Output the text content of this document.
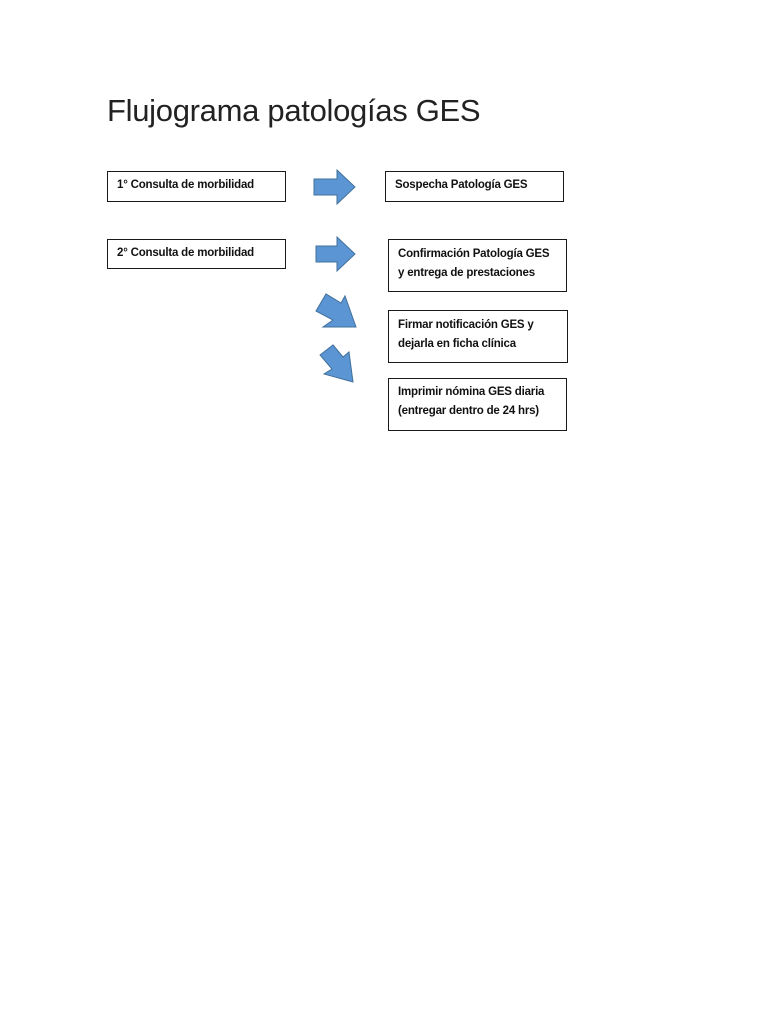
Flujograma patologías GES
1° Consulta de morbilidad	Sospecha Patología GES
2° Consulta de morbilidad	Confirmación Patología GES
y entrega de prestaciones
Firmar notificación GES y
dejarla en ficha clínica
Imprimir nómina GES diaria
(entregar dentro de 24 hrs)
